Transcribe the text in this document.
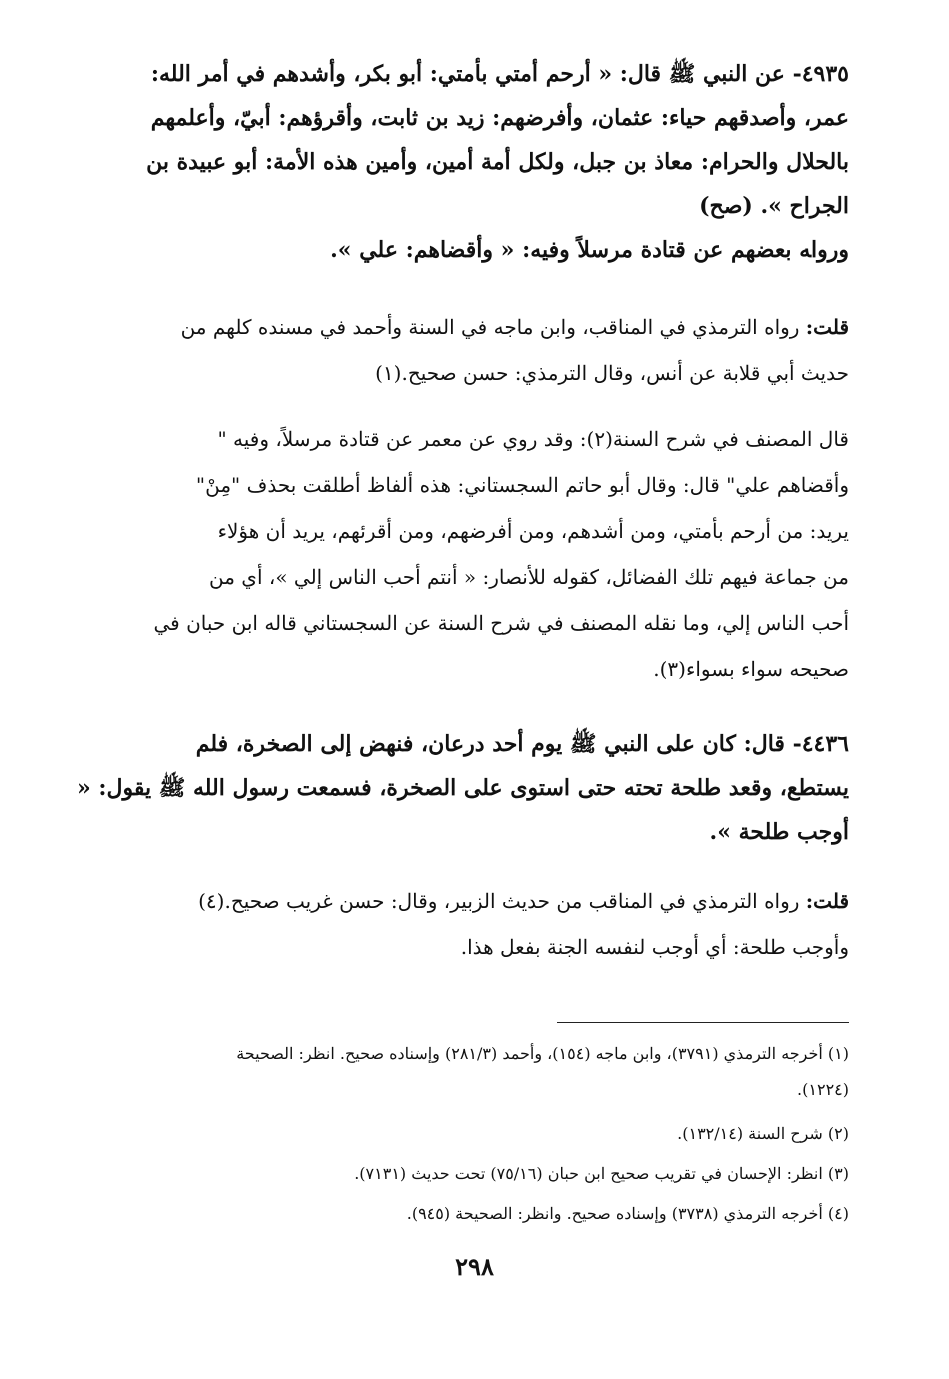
٤٩٣٥- عن النبي ﷺ قال: « أرحم أمتي بأمتي: أبو بكر، وأشدهم في أمر الله:
عمر، وأصدقهم حياء: عثمان، وأفرضهم: زيد بن ثابت، وأقرؤهم: أبيّ، وأعلمهم
بالحلال والحرام: معاذ بن جبل، ولكل أمة أمين، وأمين هذه الأمة: أبو عبيدة بن
الجراح ». (صح)
وروا‍ه بعضهم عن قتادة مرسلاً وفيه: « وأقضاهم: علي ».
قلت: رواه الترمذي في المناقب، وابن ماجه في السنة وأحمد في مسنده كلهم من
حديث أبي قلابة عن أنس، وقال الترمذي: حسن صحيح.(١)
قال المصنف في شرح السنة(٢): وقد روي عن معمر عن قتادة مرسلاً، وفيه "
وأقضاهم علي" قال: وقال أبو حاتم السجستاني: هذه ألفاظ أطلقت بحذف "مِنْ"
يريد: من أرحم بأمتي، ومن أشدهم، ومن أفرضهم، ومن أقرئهم، يريد أن هؤلاء
من جماعة فيهم تلك الفضائل، كقوله للأنصار: « أنتم أحب الناس إلي »، أي من
أحب الناس إلي، وما نقله المصنف في شرح السنة عن السجستاني قاله ابن حبان في
صحيحه سواء بسواء(٣).
٤٤٣٦- قال: كان على النبي ﷺ يوم أحد درعان، فنهض إلى الصخرة، فلم
يستطع، وقعد طلحة تحته حتى استوى على الصخرة، فسمعت رسول الله ﷺ يقول: «
أوجب طلحة ».
قلت: رواه الترمذي في المناقب من حديث الزبير، وقال: حسن غريب صحيح.(٤)
وأوجب طلحة: أي أوجب لنفسه الجنة بفعل هذا.
(١) أخرجه الترمذي (٣٧٩١)، وابن ماجه (١٥٤)، وأحمد (٢٨١/٣) وإسناده صحيح. انظر: الصحيحة
(١٢٢٤).
(٢) شرح السنة (١٣٢/١٤).
(٣) انظر: الإحسان في تقريب صحيح ابن حبان (٧٥/١٦) تحت حديث (٧١٣١).
(٤) أخرجه الترمذي (٣٧٣٨) وإسناده صحيح. وانظر: الصحيحة (٩٤٥).
٢٩٨
